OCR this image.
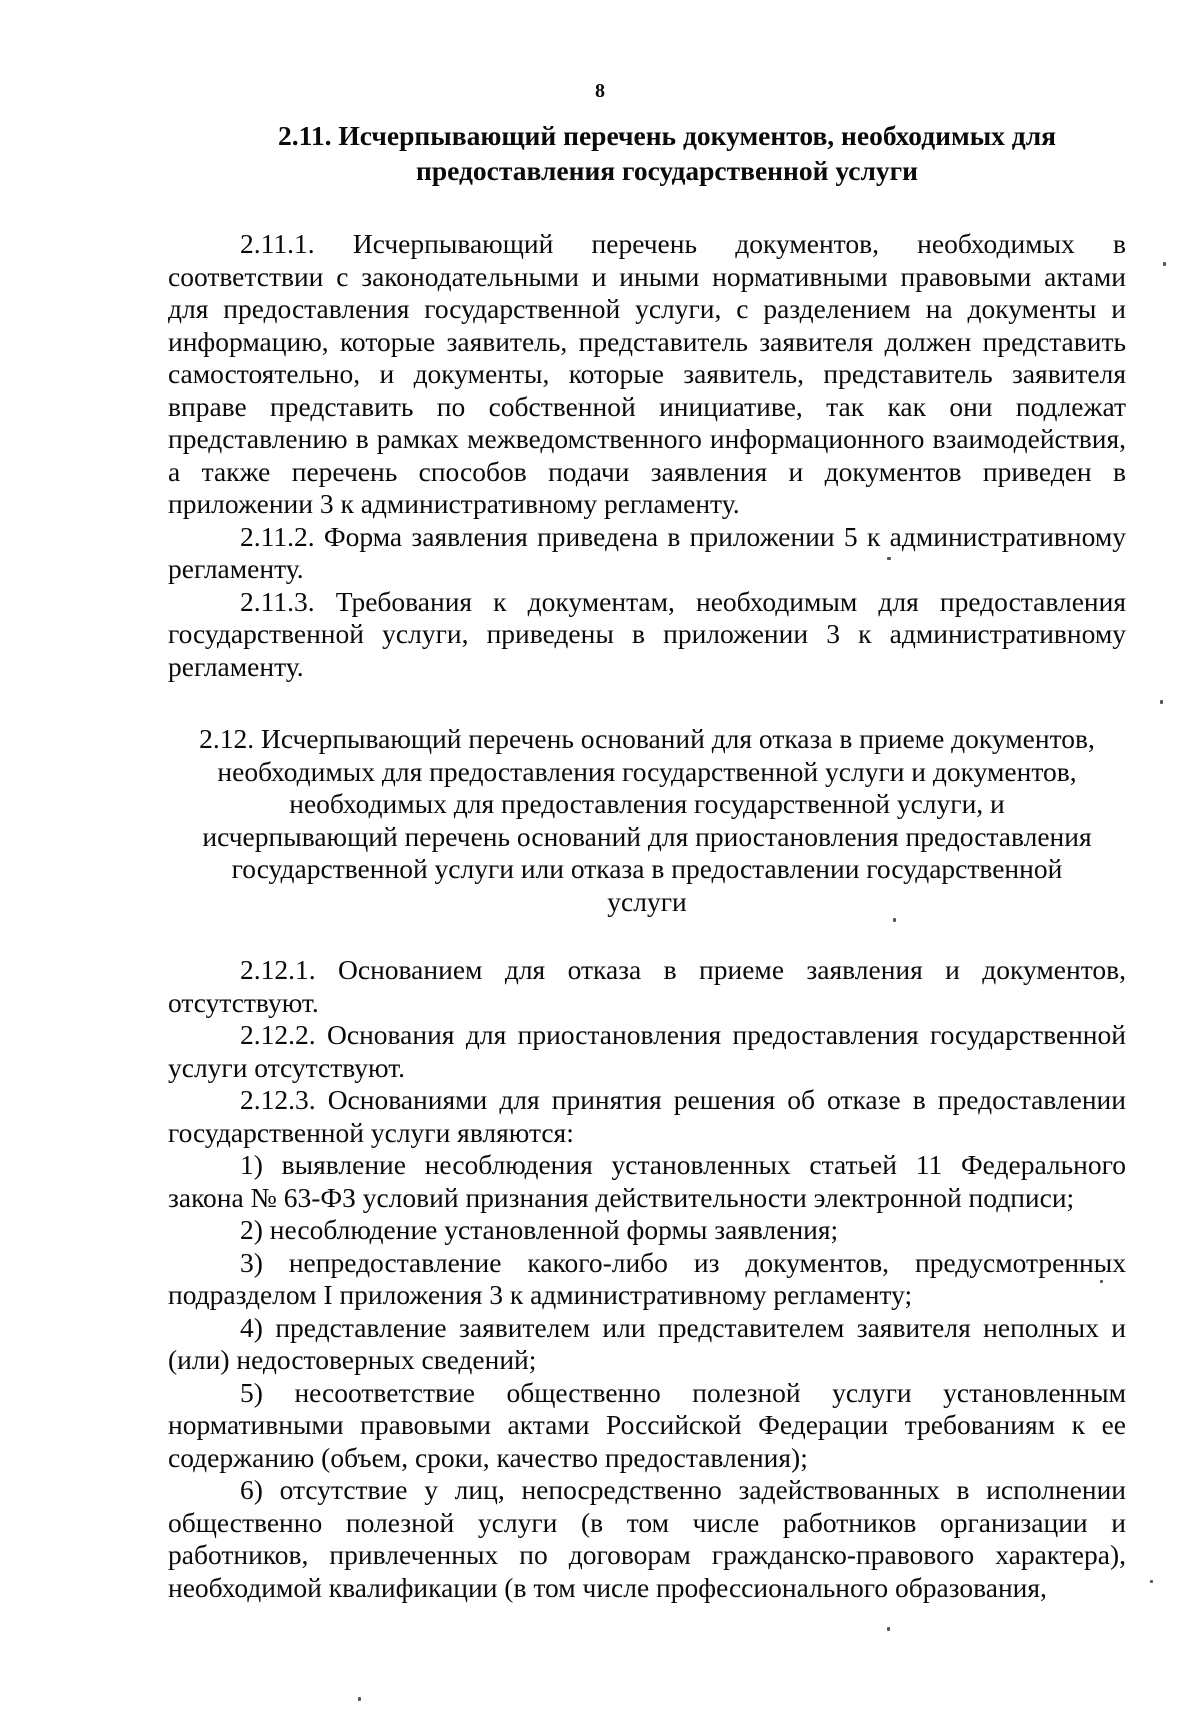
8

2.11. Исчерпывающий перечень документов, необходимых для

предоставления государственной услуги

2.11.1. Исчерпывающий перечень документов, необходимых в соответствии с законодательными и иными нормативными правовыми актами для предоставления государственной услуги, с разделением на документы и информацию, которые заявитель, представитель заявителя должен представить самостоятельно, и документы, которые заявитель, представитель заявителя вправе представить по собственной инициативе, так как они подлежат представлению в рамках межведомственного информационного взаимодействия, а также перечень способов подачи заявления и документов приведен в приложении 3 к административному регламенту.

2.11.2. Форма заявления приведена в приложении 5 к административному регламенту.

2.11.3. Требования к документам, необходимым для предоставления государственной услуги, приведены в приложении 3 к административному регламенту.

2.12. Исчерпывающий перечень оснований для отказа в приеме документов,

необходимых для предоставления государственной услуги и документов,

необходимых для предоставления государственной услуги, и

исчерпывающий перечень оснований для приостановления предоставления

государственной услуги или отказа в предоставлении государственной

услуги

2.12.1. Основанием для отказа в приеме заявления и документов, отсутствуют.

2.12.2. Основания для приостановления предоставления государственной услуги отсутствуют.

2.12.3. Основаниями для принятия решения об отказе в предоставлении государственной услуги являются:

1) выявление несоблюдения установленных статьей 11 Федерального закона № 63-ФЗ условий признания действительности электронной подписи;

2) несоблюдение установленной формы заявления;

3) непредоставление какого-либо из документов, предусмотренных подразделом I приложения 3 к административному регламенту;

4) представление заявителем или представителем заявителя неполных и (или) недостоверных сведений;

5) несоответствие общественно полезной услуги установленным нормативными правовыми актами Российской Федерации требованиям к ее содержанию (объем, сроки, качество предоставления);

6) отсутствие у лиц, непосредственно задействованных в исполнении общественно полезной услуги (в том числе работников организации и работников, привлеченных по договорам гражданско-правового характера), необходимой квалификации (в том числе профессионального образования,
